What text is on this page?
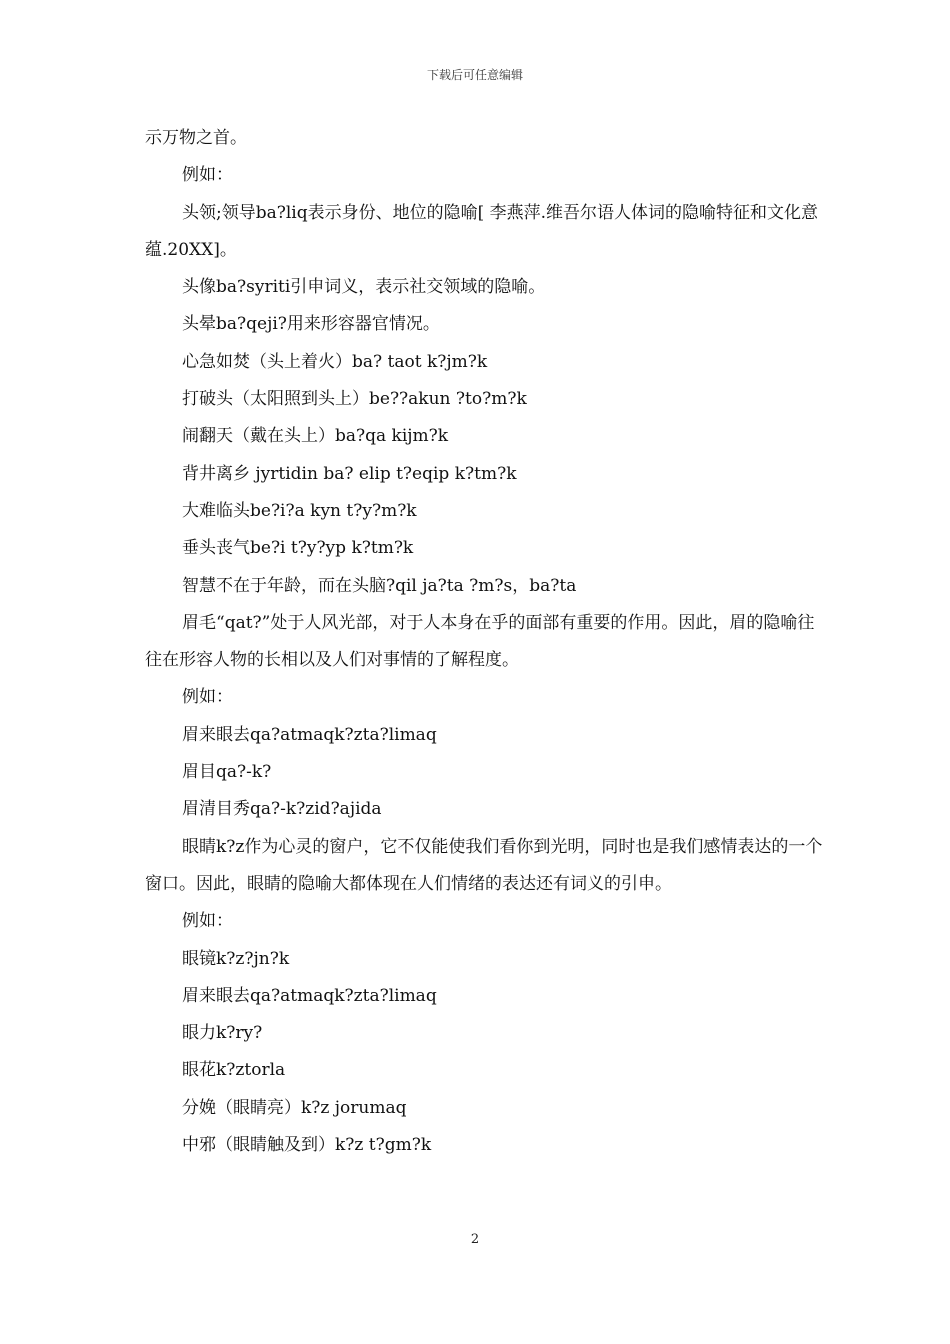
下载后可任意编辑

示万物之首。

例如：

头领;领导ba?liq表示身份、地位的隐喻[ 李燕萍.维吾尔语人体词的隐喻特征和文化意蕴.20XX]。

头像ba?syriti引申词义，表示社交领域的隐喻。

头晕ba?qeji?用来形容器官情况。

心急如焚（头上着火）ba? taot k?jm?k

打破头（太阳照到头上）be??akun ?to?m?k

闹翻天（戴在头上）ba?qa kijm?k

背井离乡 jyrtidin ba? elip t?eqip k?tm?k

大难临头be?i?a kyn t?y?m?k

垂头丧气be?i t?y?yp k?tm?k

智慧不在于年龄，而在头脑?qil ja?ta ?m?s，ba?ta

眉毛“qat?”处于人风光部，对于人本身在乎的面部有重要的作用。因此，眉的隐喻往往在形容人物的长相以及人们对事情的了解程度。

例如：

眉来眼去qa?atmaqk?zta?limaq

眉目qa?-k?

眉清目秀qa?-k?zid?ajida

眼睛k?z作为心灵的窗户，它不仅能使我们看你到光明，同时也是我们感情表达的一个窗口。因此，眼睛的隐喻大都体现在人们情绪的表达还有词义的引申。

例如：

眼镜k?z?jn?k

眉来眼去qa?atmaqk?zta?limaq

眼力k?ry?

眼花k?ztorla

分娩（眼睛亮）k?z jorumaq

中邪（眼睛触及到）k?z t?gm?k

2
